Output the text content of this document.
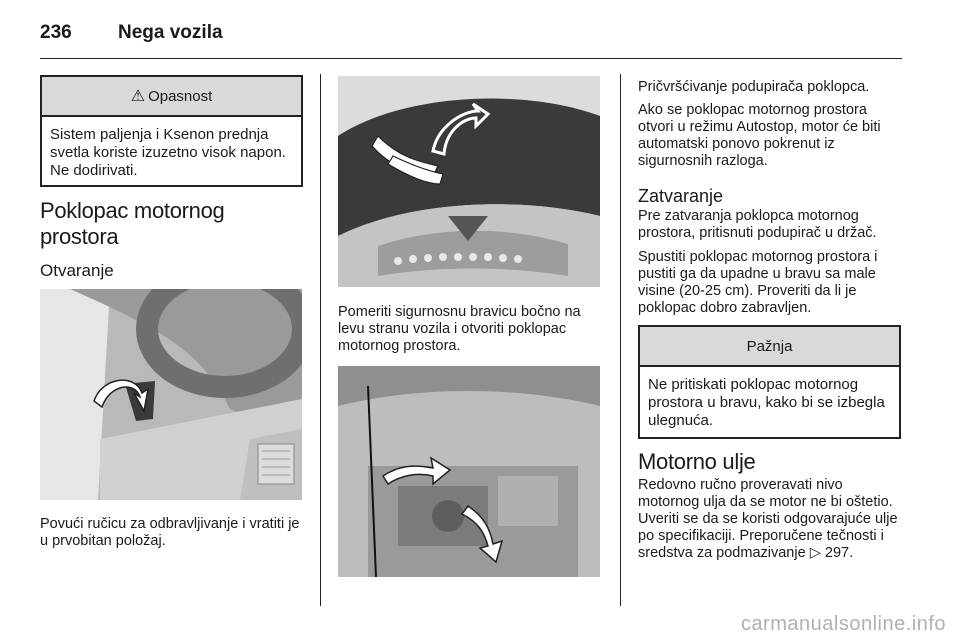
236	Nega vozila
⚠ Opasnost
Sistem paljenja i Ksenon prednja svetla koriste izuzetno visok napon. Ne dodirivati.
Poklopac motornog
prostora
Otvaranje

Povući ručicu za odbravljivanje i vratiti je u prvobitan položaj.

Pomeriti sigurnosnu bravicu bočno na levu stranu vozila i otvoriti poklopac motornog prostora.

Pričvršćivanje podupirača poklopca.

Ako se poklopac motornog prostora otvori u režimu Autostop, motor će biti automatski ponovo pokrenut iz sigurnosnih razloga.

Zatvaranje

Pre zatvaranja poklopca motornog prostora, pritisnuti podupirač u držač.

Spustiti poklopac motornog prostora i pustiti ga da upadne u bravu sa male visine (20-25 cm). Proveriti da li je poklopac dobro zabravljen.

Pažnja
Ne pritiskati poklopac motornog prostora u bravu, kako bi se izbegla ulegnuća.
Motorno ulje

Redovno ručno proveravati nivo motornog ulja da se motor ne bi oštetio. Uveriti se da se koristi odgovarajuće ulje po specifikaciji. Preporučene tečnosti i sredstva za podmazivanje ▷ 297.

carmanualsonline.info
